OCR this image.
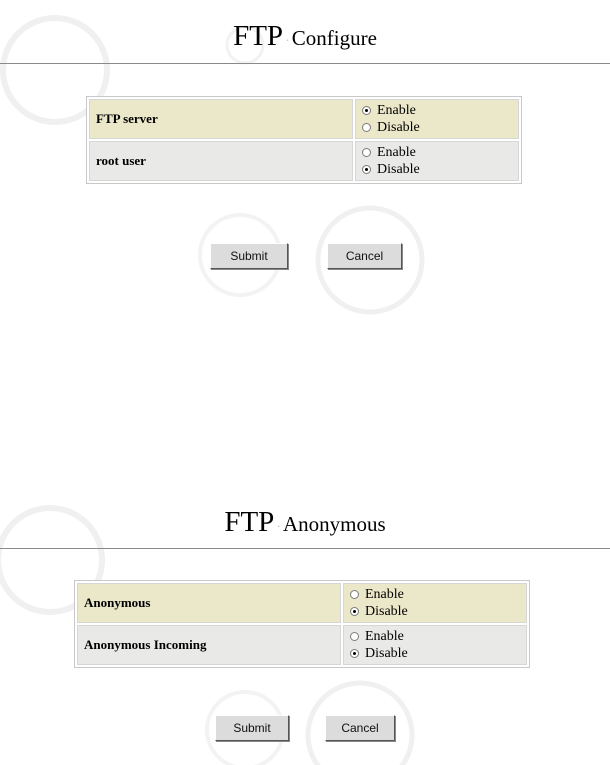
FTP ·Configure
FTP server	Enable
Disable

root user	Enable
Disable
Submit	Cancel
FTP ·Anonymous
Anonymous	Enable
Disable

Anonymous Incoming	Enable
Disable
Submit	Cancel
